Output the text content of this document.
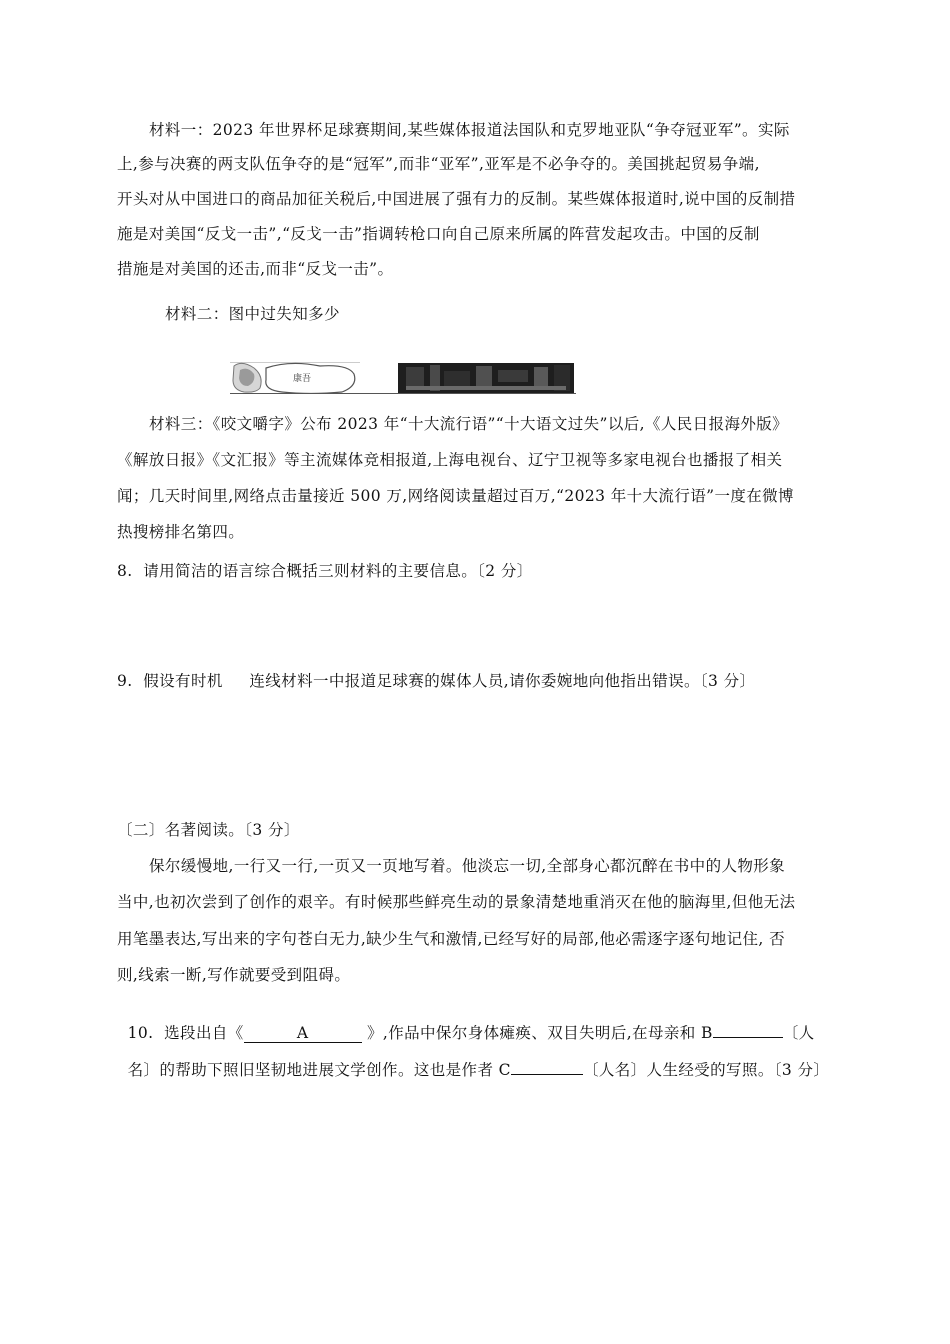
材料一：2023 年世界杯足球赛期间,某些媒体报道法国队和克罗地亚队“争夺冠亚军”。实际
上,参与决赛的两支队伍争夺的是“冠军”,而非“亚军”,亚军是不必争夺的。美国挑起贸易争端,
开头对从中国进口的商品加征关税后,中国进展了强有力的反制。某些媒体报道时,说中国的反制措
施是对美国“反戈一击”,“反戈一击”指调转枪口向自己原来所属的阵营发起攻击。中国的反制
措施是对美国的还击,而非“反戈一击”。
材料二：图中过失知多少
康吾
材料三：《咬文嚼字》公布 2023 年“十大流行语”“十大语文过失”以后,《人民日报海外版》
《解放日报》《文汇报》等主流媒体竞相报道,上海电视台、辽宁卫视等多家电视台也播报了相关
闻；几天时间里,网络点击量接近 500 万,网络阅读量超过百万,“2023 年十大流行语”一度在微博
热搜榜排名第四。
8.  请用简洁的语言综合概括三则材料的主要信息。〔2 分〕
9.  假设有时机     连线材料一中报道足球赛的媒体人员,请你委婉地向他指出错误。〔3 分〕
〔二〕名著阅读。〔3 分〕
保尔缓慢地,一行又一行,一页又一页地写着。他淡忘一切,全部身心都沉醉在书中的人物形象
当中,也初次尝到了创作的艰辛。有时候那些鲜亮生动的景象清楚地重消灭在他的脑海里,但他无法
用笔墨表达,写出来的字句苍白无力,缺少生气和激情,已经写好的局部,他必需逐字逐句地记住, 否
则,线索一断,写作就要受到阻碍。

10.  选段出自《	A	》,作品中保尔身体瘫痪、双目失明后,在母亲和 B	〔人

名〕的帮助下照旧坚韧地进展文学创作。这也是作者 C	〔人名〕人生经受的写照。〔3 分〕
